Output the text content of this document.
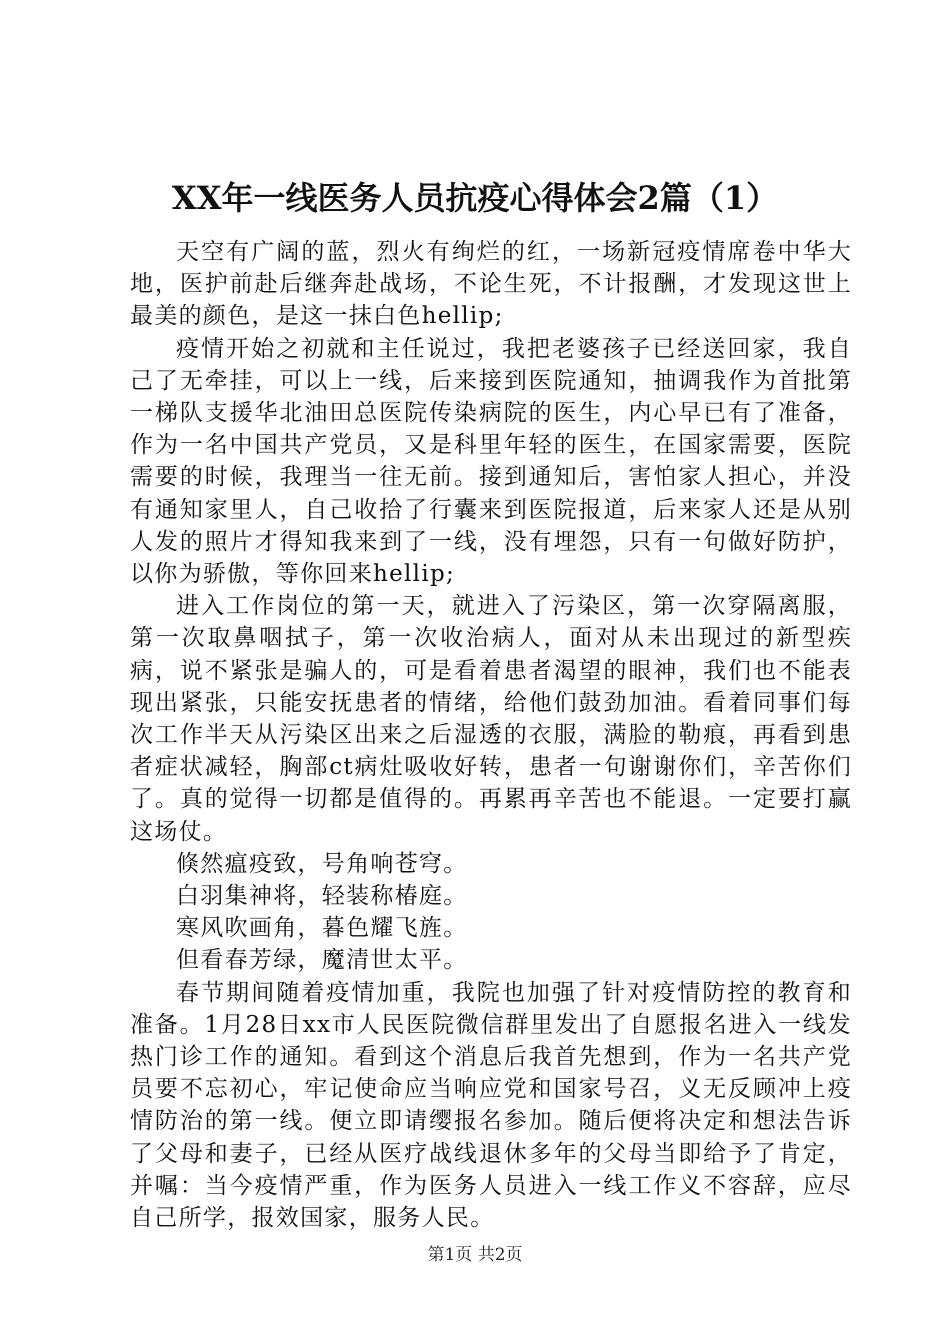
XX年一线医务人员抗疫心得体会2篇（1）

天空有广阔的蓝，烈火有绚烂的红，一场新冠疫情席卷中华大地，医护前赴后继奔赴战场，不论生死，不计报酬，才发现这世上最美的颜色，是这一抹白色hellip;

疫情开始之初就和主任说过，我把老婆孩子已经送回家，我自己了无牵挂，可以上一线，后来接到医院通知，抽调我作为首批第一梯队支援华北油田总医院传染病院的医生，内心早已有了准备，作为一名中国共产党员，又是科里年轻的医生，在国家需要，医院需要的时候，我理当一往无前。接到通知后，害怕家人担心，并没有通知家里人，自己收拾了行囊来到医院报道，后来家人还是从别人发的照片才得知我来到了一线，没有埋怨，只有一句做好防护，以你为骄傲，等你回来hellip;

进入工作岗位的第一天，就进入了污染区，第一次穿隔离服，第一次取鼻咽拭子，第一次收治病人，面对从未出现过的新型疾病，说不紧张是骗人的，可是看着患者渴望的眼神，我们也不能表现出紧张，只能安抚患者的情绪，给他们鼓劲加油。看着同事们每次工作半天从污染区出来之后湿透的衣服，满脸的勒痕，再看到患者症状减轻，胸部ct病灶吸收好转，患者一句谢谢你们，辛苦你们了。真的觉得一切都是值得的。再累再辛苦也不能退。一定要打赢这场仗。

倏然瘟疫致，号角响苍穹。

白羽集神将，轻装称椿庭。

寒风吹画角，暮色耀飞旌。

但看春芳绿，魔清世太平。

春节期间随着疫情加重，我院也加强了针对疫情防控的教育和准备。1月28日xx市人民医院微信群里发出了自愿报名进入一线发热门诊工作的通知。看到这个消息后我首先想到，作为一名共产党员要不忘初心，牢记使命应当响应党和国家号召，义无反顾冲上疫情防治的第一线。便立即请缨报名参加。随后便将决定和想法告诉了父母和妻子，已经从医疗战线退休多年的父母当即给予了肯定，并嘱：当今疫情严重，作为医务人员进入一线工作义不容辞，应尽自己所学，报效国家，服务人民。

第1页 共2页
